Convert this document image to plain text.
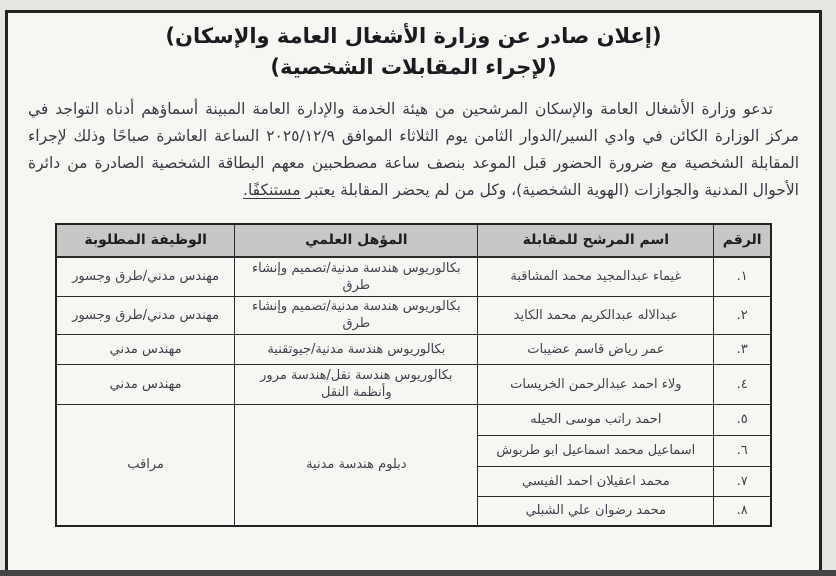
(إعلان صادر عن وزارة الأشغال العامة والإسكان)
(لإجراء المقابلات الشخصية)

تدعو وزارة الأشغال العامة والإسكان المرشحين من هيئة الخدمة والإدارة العامة المبينة أسماؤهم أدناه التواجد في مركز الوزارة الكائن في وادي السير/الدوار الثامن يوم الثلاثاء الموافق ٢٠٢٥/١٢/٩ الساعة العاشرة صباحًا وذلك لإجراء المقابلة الشخصية مع ضرورة الحضور قبل الموعد بنصف ساعة مصطحبين معهم البطاقة الشخصية الصادرة من دائرة الأحوال المدنية والجوازات (الهوية الشخصية)، وكل من لم يحضر المقابلة يعتبر مستنكفًا.

الرقم	اسم المرشح للمقابلة	المؤهل العلمي	الوظيفة المطلوبة
١.	غيماء عبدالمجيد محمد المشاقبة	بكالوريوس هندسة مدنية/تصميم وإنشاء طرق	مهندس مدني/طرق وجسور
٢.	عبدالاله عبدالكريم محمد الكايد	بكالوريوس هندسة مدنية/تصميم وإنشاء طرق	مهندس مدني/طرق وجسور
٣.	عمر رياض قاسم عضيبات	بكالوريوس هندسة مدنية/جيوتقنية	مهندس مدني
٤.	ولاء احمد عبدالرحمن الخريسات	بكالوريوس هندسة نقل/هندسة مرور وأنظمة النقل	مهندس مدني
٥.	احمد راتب موسى الحيله	دبلوم هندسة مدنية	مراقب
٦.	اسماعيل محمد اسماعيل ابو طربوش		
٧.	محمد اعقيلان احمد الفيسي		
٨.	محمد رضوان علي الشبلي		
